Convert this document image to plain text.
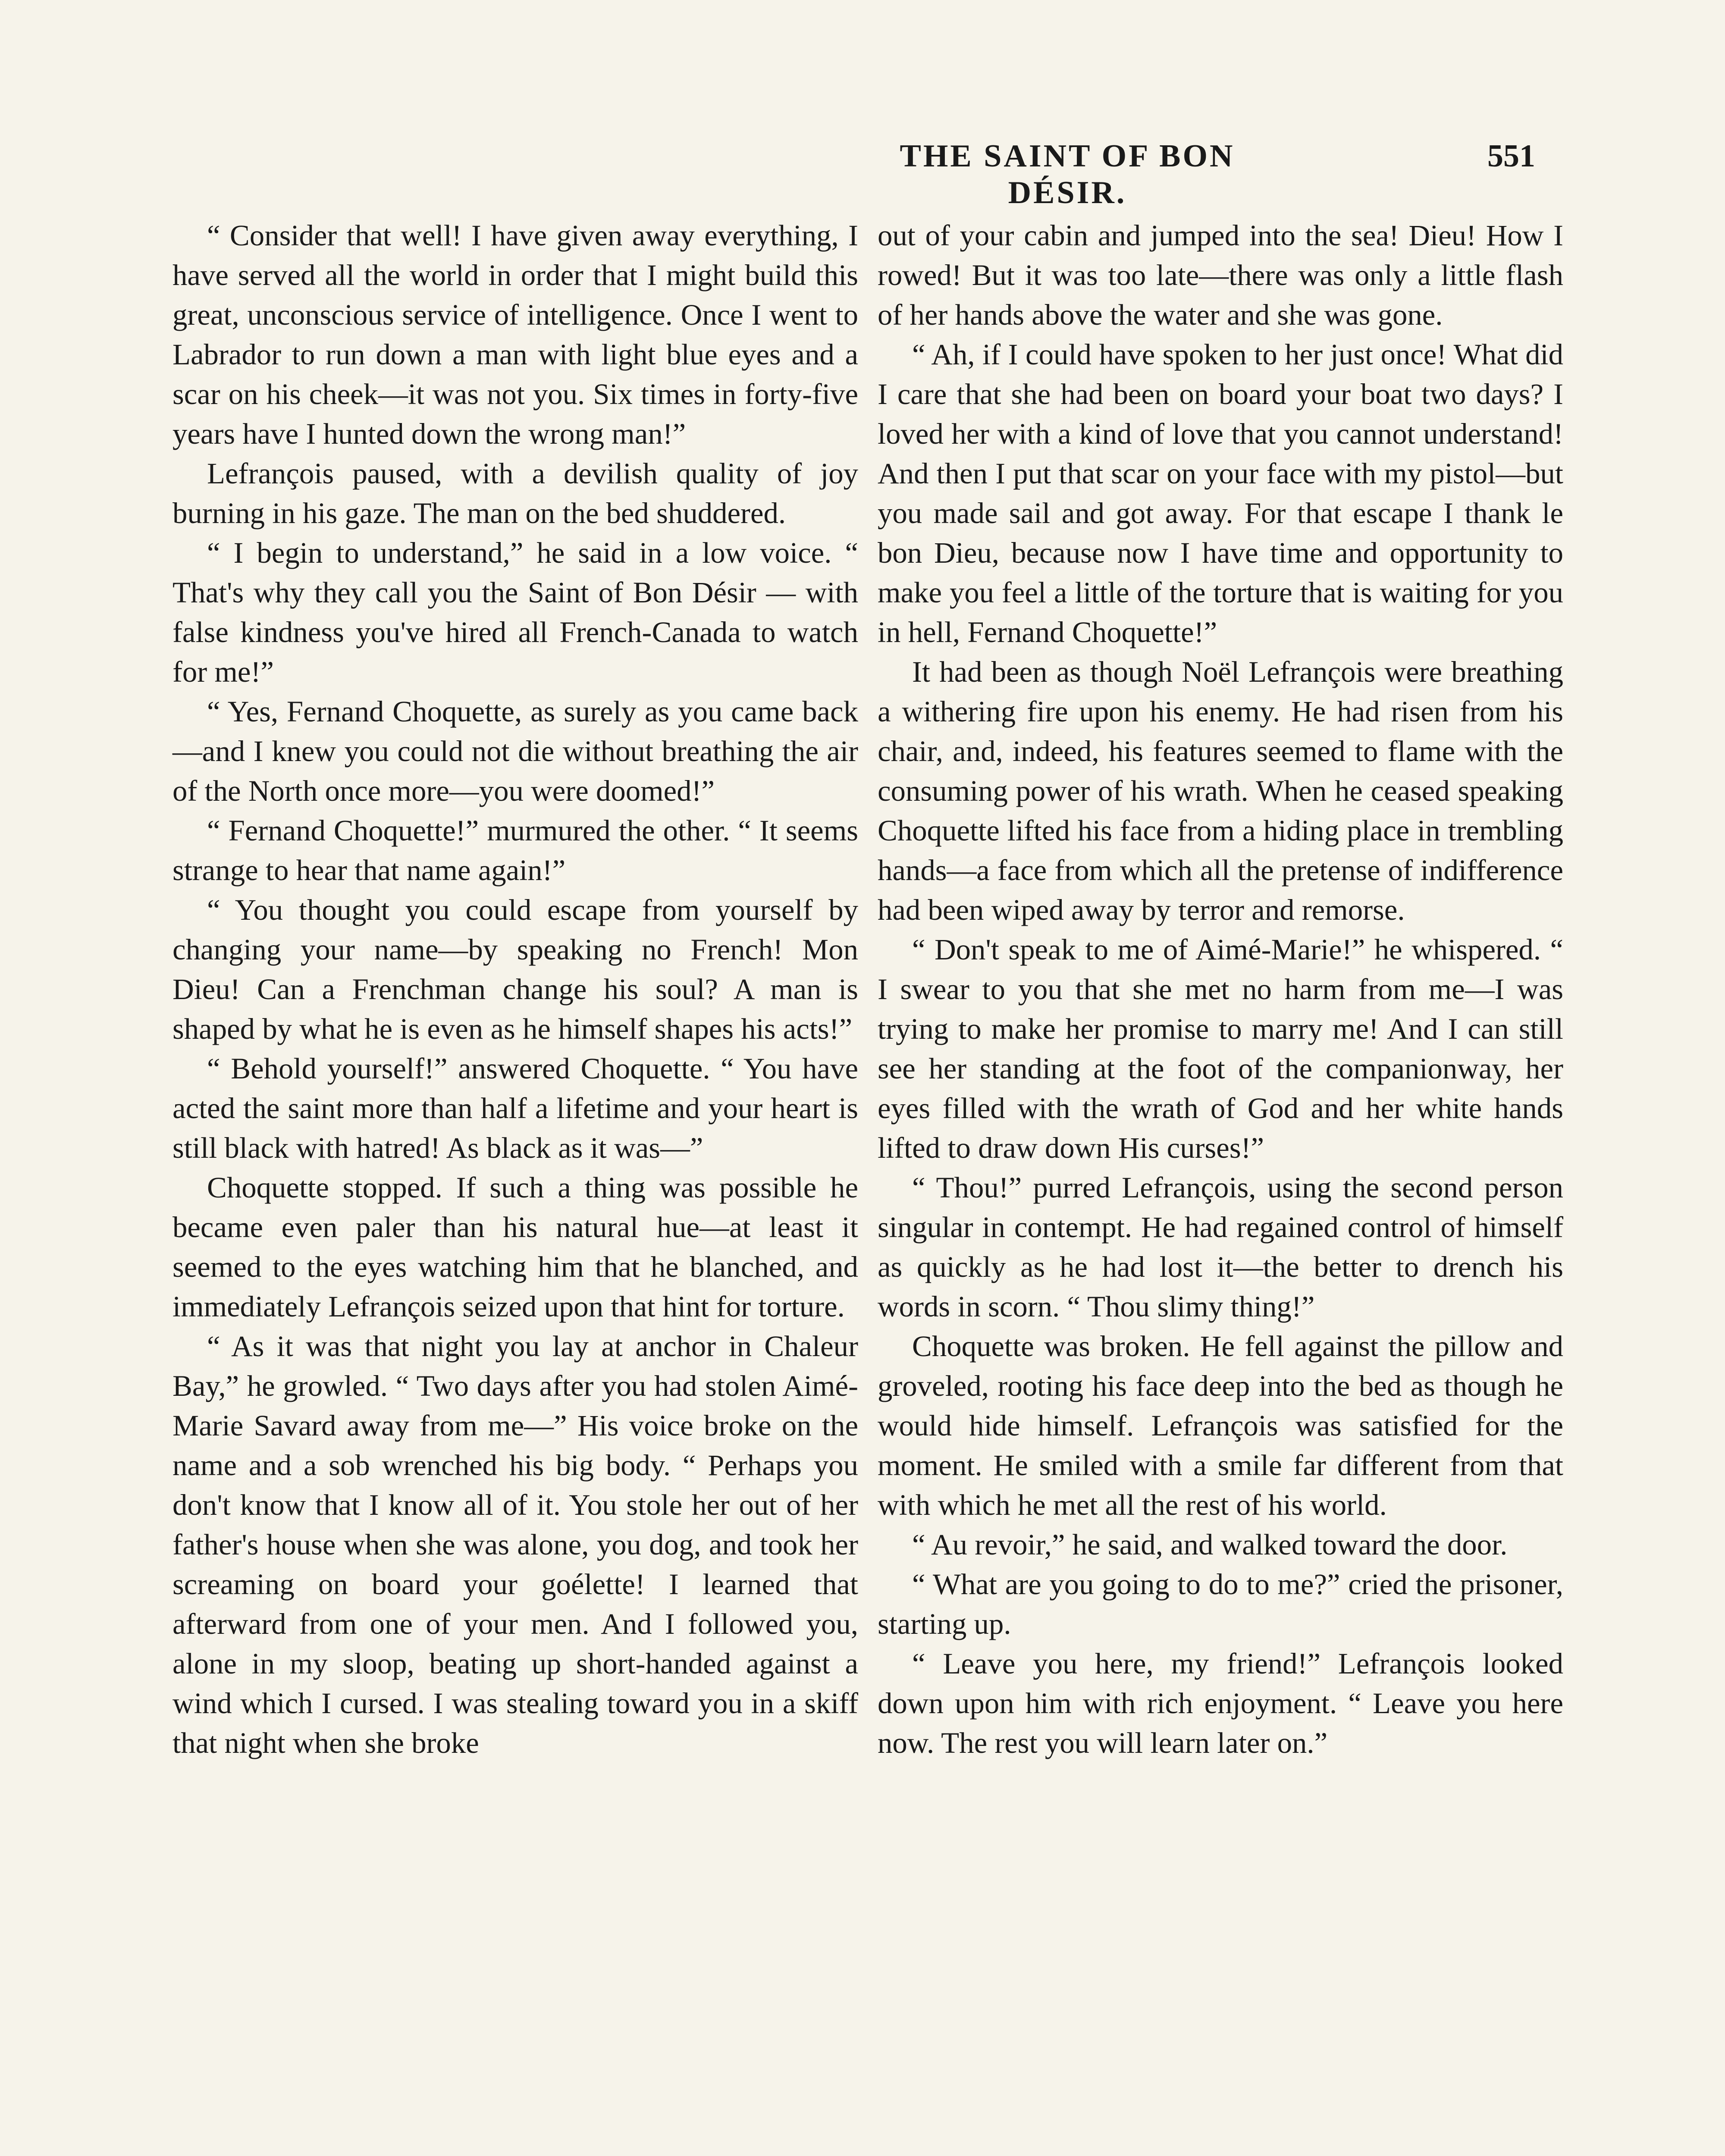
THE SAINT OF BON DÉSIR.
551

“ Consider that well! I have given away everything, I have served all the world in order that I might build this great, unconscious service of intelligence. Once I went to Labrador to run down a man with light blue eyes and a scar on his cheek—it was not you. Six times in forty-five years have I hunted down the wrong man!”

Lefrançois paused, with a devilish quality of joy burning in his gaze. The man on the bed shuddered.

“ I begin to understand,” he said in a low voice. “ That's why they call you the Saint of Bon Désir — with false kindness you've hired all French-Canada to watch for me!”

“ Yes, Fernand Choquette, as surely as you came back—and I knew you could not die without breathing the air of the North once more—you were doomed!”

“ Fernand Choquette!” murmured the other. “ It seems strange to hear that name again!”

“ You thought you could escape from yourself by changing your name—by speaking no French! Mon Dieu! Can a Frenchman change his soul? A man is shaped by what he is even as he himself shapes his acts!”

“ Behold yourself!” answered Choquette. “ You have acted the saint more than half a lifetime and your heart is still black with hatred! As black as it was—”

Choquette stopped. If such a thing was possible he became even paler than his natural hue—at least it seemed to the eyes watching him that he blanched, and immediately Lefrançois seized upon that hint for torture.

“ As it was that night you lay at anchor in Chaleur Bay,” he growled. “ Two days after you had stolen Aimé-Marie Savard away from me—” His voice broke on the name and a sob wrenched his big body. “ Perhaps you don't know that I know all of it. You stole her out of her father's house when she was alone, you dog, and took her screaming on board your goélette! I learned that afterward from one of your men. And I followed you, alone in my sloop, beating up short-handed against a wind which I cursed. I was stealing toward you in a skiff that night when she broke

out of your cabin and jumped into the sea! Dieu! How I rowed! But it was too late—there was only a little flash of her hands above the water and she was gone.

“ Ah, if I could have spoken to her just once! What did I care that she had been on board your boat two days? I loved her with a kind of love that you cannot understand! And then I put that scar on your face with my pistol—but you made sail and got away. For that escape I thank le bon Dieu, because now I have time and opportunity to make you feel a little of the torture that is waiting for you in hell, Fernand Choquette!”

It had been as though Noël Lefrançois were breathing a withering fire upon his enemy. He had risen from his chair, and, indeed, his features seemed to flame with the consuming power of his wrath. When he ceased speaking Choquette lifted his face from a hiding place in trembling hands—a face from which all the pretense of indifference had been wiped away by terror and remorse.

“ Don't speak to me of Aimé-Marie!” he whispered. “ I swear to you that she met no harm from me—I was trying to make her promise to marry me! And I can still see her standing at the foot of the companionway, her eyes filled with the wrath of God and her white hands lifted to draw down His curses!”

“ Thou!” purred Lefrançois, using the second person singular in contempt. He had regained control of himself as quickly as he had lost it—the better to drench his words in scorn. “ Thou slimy thing!”

Choquette was broken. He fell against the pillow and groveled, rooting his face deep into the bed as though he would hide himself. Lefrançois was satisfied for the moment. He smiled with a smile far different from that with which he met all the rest of his world.

“ Au revoir,” he said, and walked toward the door.

“ What are you going to do to me?” cried the prisoner, starting up.

“ Leave you here, my friend!” Lefrançois looked down upon him with rich enjoyment. “ Leave you here now. The rest you will learn later on.”
